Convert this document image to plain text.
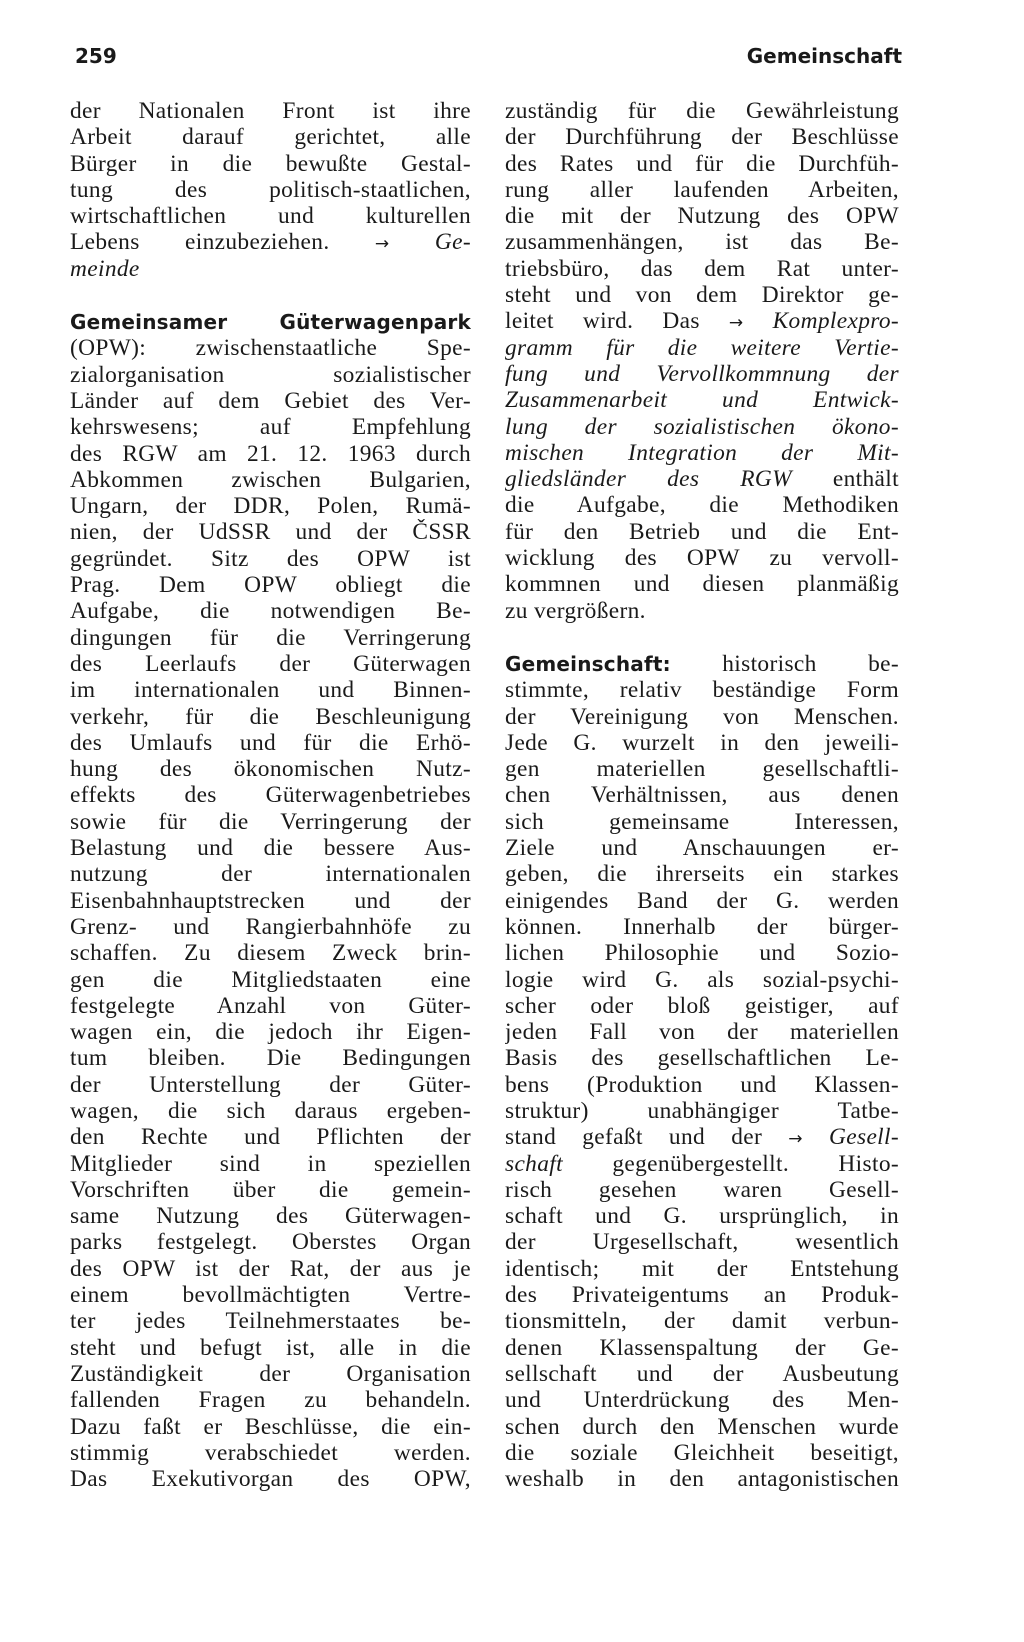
259	Gemeinschaft
der Nationalen Front ist ihre
Arbeit darauf gerichtet, alle
Bürger in die bewußte Gestal-
tung des politisch-staatlichen,
wirtschaftlichen und kulturellen
Lebens einzubeziehen.	→ Ge-
meinde
Gemeinsamer Güterwagenpark
(OPW): zwischenstaatliche Spe-
zialorganisation sozialistischer
Länder auf dem Gebiet des Ver-
kehrswesens; auf Empfehlung
des RGW am 21. 12. 1963 durch
Abkommen zwischen Bulgarien,
Ungarn, der DDR, Polen, Rumä-
nien, der UdSSR und der ČSSR
gegründet. Sitz des OPW ist
Prag. Dem OPW obliegt die
Aufgabe, die notwendigen Be-
dingungen für die Verringerung
des Leerlaufs der Güterwagen
im internationalen und Binnen-
verkehr, für die Beschleunigung
des Umlaufs und für die Erhö-
hung des ökonomischen Nutz-
effekts des Güterwagenbetriebes
sowie für die Verringerung der
Belastung und die bessere Aus-
nutzung der internationalen
Eisenbahnhauptstrecken und der
Grenz- und Rangierbahnhöfe zu
schaffen. Zu diesem Zweck brin-
gen die Mitgliedstaaten eine
festgelegte Anzahl von Güter-
wagen ein, die jedoch ihr Eigen-
tum bleiben. Die Bedingungen
der Unterstellung der Güter-
wagen, die sich daraus ergeben-
den Rechte und Pflichten der
Mitglieder sind in speziellen
Vorschriften über die gemein-
same Nutzung des Güterwagen-
parks festgelegt. Oberstes Organ
des OPW ist der Rat, der aus je
einem bevollmächtigten Vertre-
ter jedes Teilnehmerstaates be-
steht und befugt ist, alle in die
Zuständigkeit der Organisation
fallenden Fragen zu behandeln.
Dazu faßt er Beschlüsse, die ein-
stimmig verabschiedet werden.
Das Exekutivorgan des OPW,
zuständig für die Gewährleistung
der Durchführung der Beschlüsse
des Rates und für die Durchfüh-
rung aller laufenden Arbeiten,
die mit der Nutzung des OPW
zusammenhängen, ist das Be-
triebsbüro, das dem Rat unter-
steht und von dem Direktor ge-
leitet wird. Das → Komplexpro-
gramm für die weitere Vertie-
fung und Vervollkommnung der
Zusammenarbeit und Entwick-
lung der sozialistischen ökono-
mischen Integration der Mit-
gliedsländer des RGW enthält
die Aufgabe, die Methodiken
für den Betrieb und die Ent-
wicklung des OPW zu vervoll-
kommnen und diesen planmäßig
zu vergrößern.
Gemeinschaft: historisch be-
stimmte, relativ beständige Form
der Vereinigung von Menschen.
Jede G. wurzelt in den jeweili-
gen materiellen gesellschaftli-
chen Verhältnissen, aus denen
sich gemeinsame Interessen,
Ziele und Anschauungen er-
geben, die ihrerseits ein starkes
einigendes Band der G. werden
können. Innerhalb der bürger-
lichen Philosophie und Sozio-
logie wird G. als sozial-psychi-
scher oder bloß geistiger, auf
jeden Fall von der materiellen
Basis des gesellschaftlichen Le-
bens (Produktion und Klassen-
struktur) unabhängiger Tatbe-
stand gefaßt und der → Gesell-
schaft gegenübergestellt. Histo-
risch gesehen waren Gesell-
schaft und G. ursprünglich, in
der Urgesellschaft, wesentlich
identisch; mit der Entstehung
des Privateigentums an Produk-
tionsmitteln, der damit verbun-
denen Klassenspaltung der Ge-
sellschaft und der Ausbeutung
und Unterdrückung des Men-
schen durch den Menschen wurde
die soziale Gleichheit beseitigt,
weshalb in den antagonistischen
